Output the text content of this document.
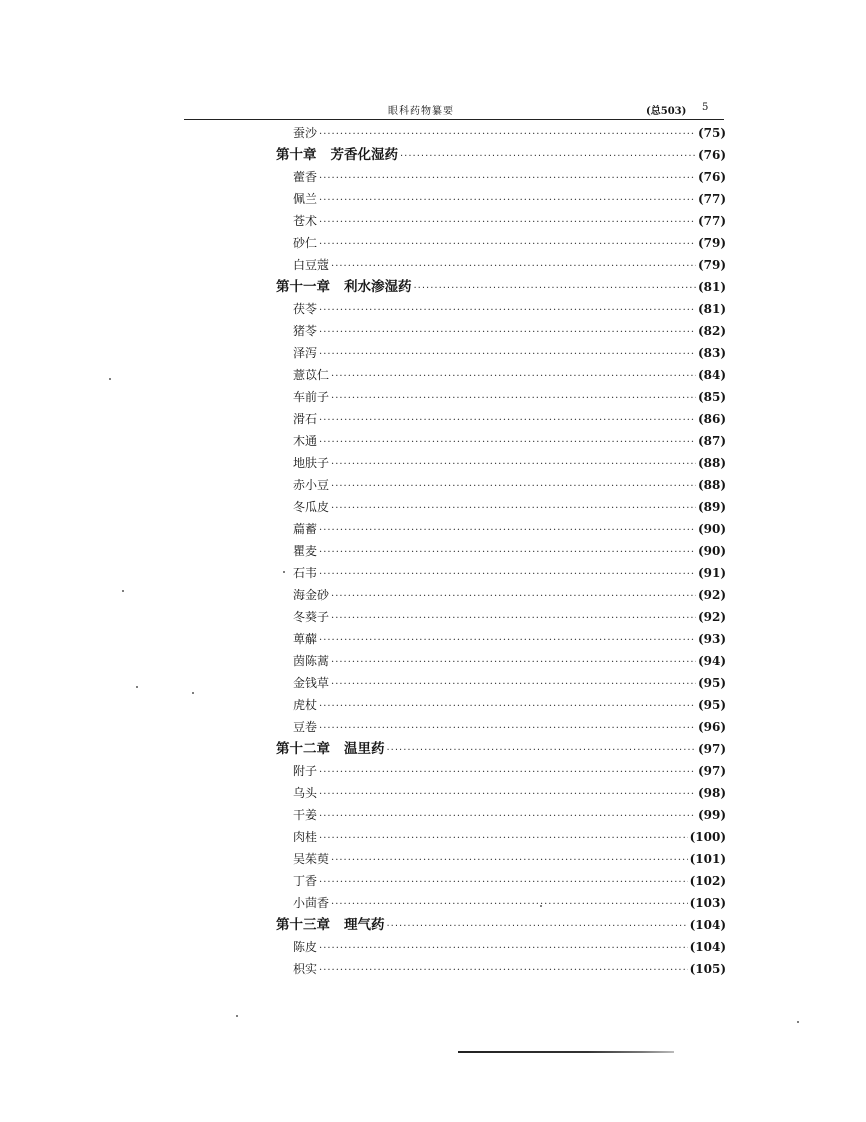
眼科药物纂要	(总503) 5
蚕沙 ·····	(75)
第十章 芳香化湿药 ·····	(76)
藿香 ·····	(76)
佩兰 ·····	(77)
苍术 ·····	(77)
砂仁 ·····	(79)
白豆蔻 ·····	(79)
第十一章 利水渗湿药 ·····	(81)
茯苓 ·····	(81)
猪苓 ·····	(82)
泽泻 ·····	(83)
薏苡仁 ·····	(84)
车前子 ·····	(85)
滑石 ·····	(86)
木通 ·····	(87)
地肤子 ·····	(88)
赤小豆 ·····	(88)
冬瓜皮 ·····	(89)
萹蓄 ·····	(90)
瞿麦 ·····	(90)
石韦 ·····	(91)
海金砂 ·····	(92)
冬葵子 ·····	(92)
萆薢 ·····	(93)
茵陈蒿 ·····	(94)
金钱草 ·····	(95)
虎杖 ·····	(95)
豆卷 ·····	(96)
第十二章 温里药 ·····	(97)
附子 ·····	(97)
乌头 ·····	(98)
干姜 ·····	(99)
肉桂 ·····	(100)
吴茱萸 ·····	(101)
丁香 ·····	(102)
小茴香 ·····	(103)
第十三章 理气药 ·····	(104)
陈皮 ·····	(104)
枳实 ·····	(105)
